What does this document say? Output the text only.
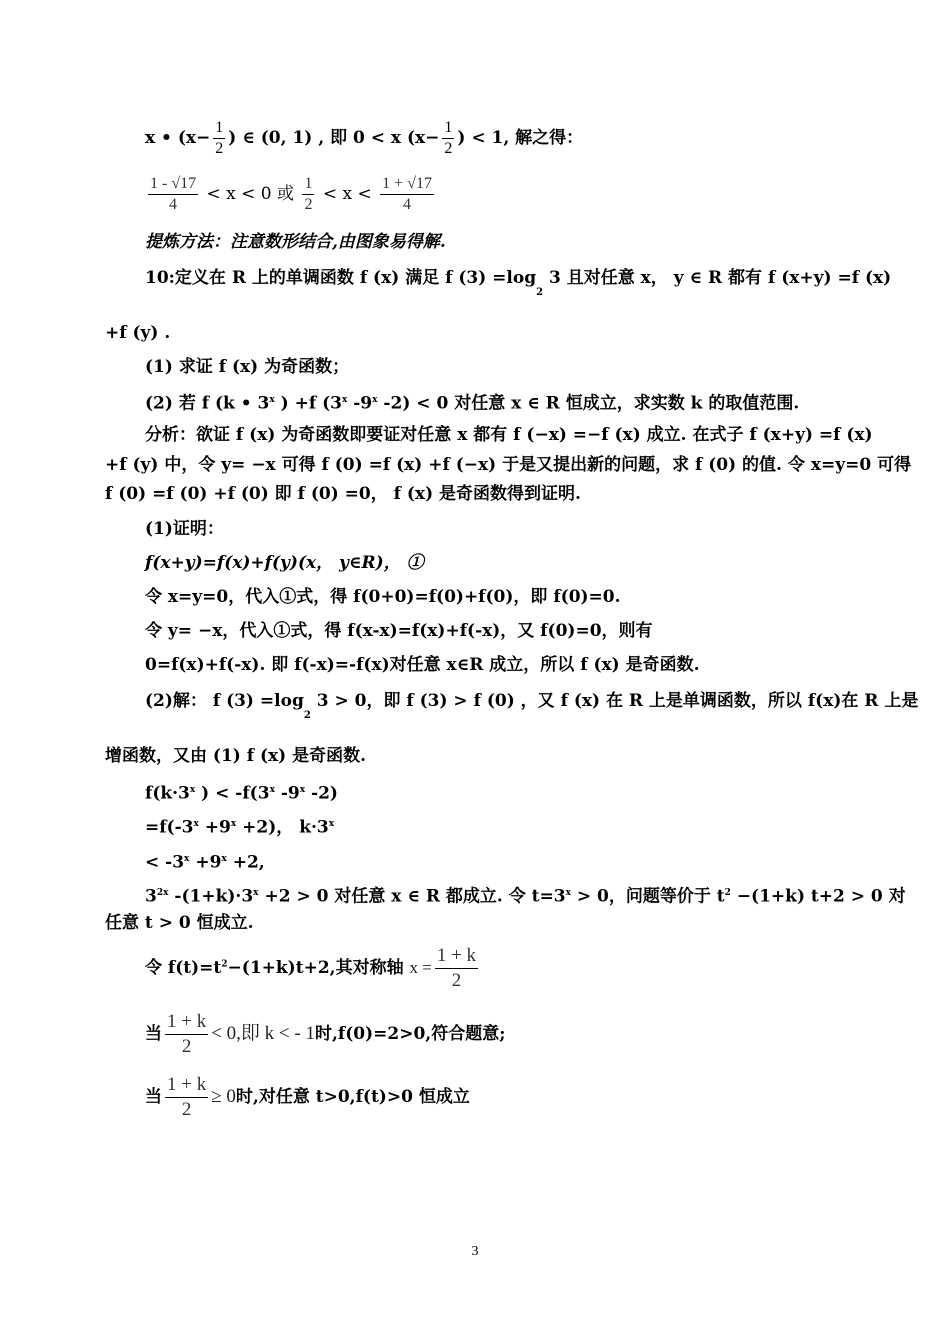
x • ($x- \frac{1}{2}$ ) ∈ (0, 1) , 即 0 < x ($x- \frac{1}{2}$ ) < 1, 解之得：
$\frac{1 - √17}{4} < x < 0$ 或 $\frac{1}{2} < x < \frac{1 + √17}{4}$
提炼方法：注意数形结合,由图象易得解.
10:定义在 R 上的单调函数 f (x) 满足 f $(3) =\log_2$ 3 且对任意 x， y ∈ R 都有 f (x+y) =f (x)
+f (y) .
(1) 求证 f (x) 为奇函数；
(2) 若 f (k • 3$^x$ ) +f (3$^x$ -9$^x$ -2) < 0 对任意 x ∈ R 恒成立，求实数 k 的取值范围.
分析：欲证 f (x) 为奇函数即要证对任意 x 都有 f (−x) =−f (x) 成立. 在式子 f (x+y) =f (x)
+f (y) 中，令 y= −x 可得 f (0) =f (x) +f (−x) 于是又提出新的问题，求 f (0) 的值. 令 x=y=0 可得
f (0) =f (0) +f (0) 即 f (0) =0， f (x) 是奇函数得到证明.
(1)证明：
f(x+y)=f(x)+f(y)(x， y∈R)， ①
令 x=y=0，代入①式，得 f(0+0)=f(0)+f(0)，即 f(0)=0.
令 y= −x，代入①式，得 f(x-x)=f(x)+f(-x)，又 f(0)=0，则有
0=f(x)+f(-x). 即 f(-x)=-f(x)对任意 x∈R 成立，所以 f (x) 是奇函数.
(2)解： f $(3) =\log_2$ 3 > 0，即 f (3) > f (0) ，又 f (x) 在 R 上是单调函数，所以 f(x)在 R 上是
增函数，又由 (1) f (x) 是奇函数.
$f(k\cdot 3^x$ ) < $-f(3^x$ -9$^x$ -2)
$=f(-3^x +9^x +2)$， $k\cdot 3^x$
< $-3^x +9^x +2$,
$3^{2x}$ $-(1+k)\cdot 3^x +2 > 0$ 对任意 x ∈ R 都成立. 令 $t=3^x > 0$，问题等价于 $t^2 -(1+k) t+2 > 0$ 对
任意 t > 0 恒成立.
令 $f(t)=t^2-(1+k)t+2$,其对称轴 $x = \frac{1 + k}{2}$
当 $\frac{1 + k}{2} < 0$,即 k < - 1时,f(0)=2>0,符合题意;
当 $\frac{1 + k}{2} \ge 0$时,对任意 t>0,f(t)>0 恒成立
3
